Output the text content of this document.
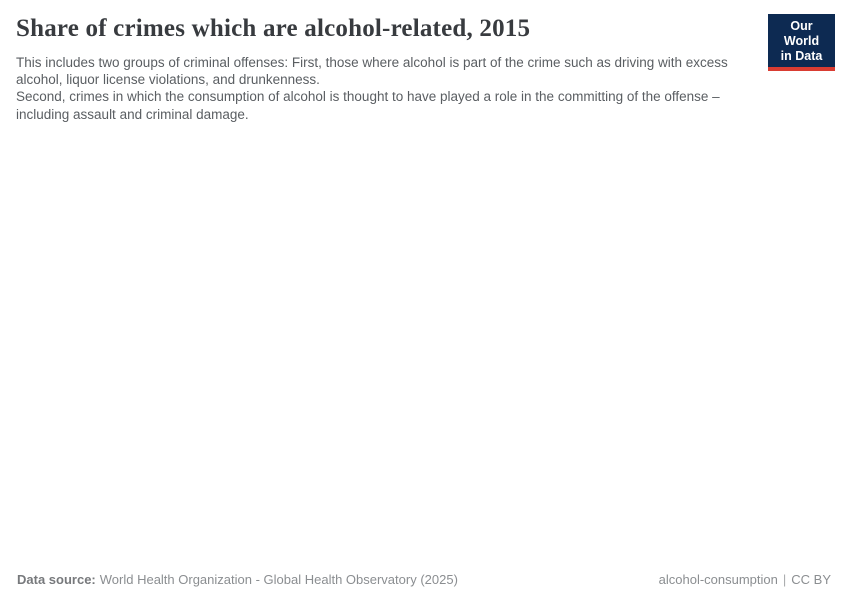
Share of crimes which are alcohol-related, 2015
This includes two groups of criminal offenses: First, those where alcohol is part of the crime such as driving with excess alcohol, liquor license violations, and drunkenness.
Second, crimes in which the consumption of alcohol is thought to have played a role in the committing of the offense – including assault and criminal damage.
Our World
in Data
Data source: World Health Organization - Global Health Observatory (2025)	alcohol-consumption | CC BY
